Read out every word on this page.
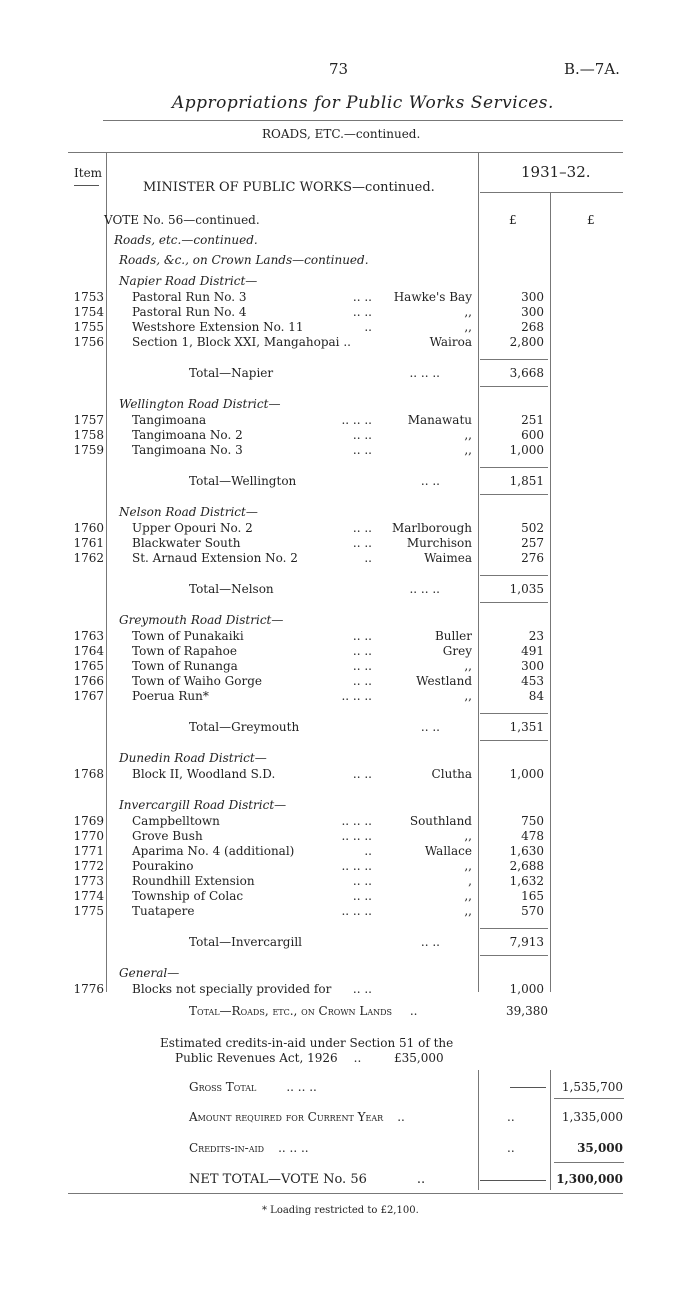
73	B.—7A.
Appropriations for Public Works Services.
ROADS, ETC.—continued.
Item	1931–32.
MINISTER OF PUBLIC WORKS—continued.
VOTE No. 56—continued.	£	£
Roads, etc.—continued.
Roads, &c., on Crown Lands—continued.
Napier Road District—
1753 Pastoral Run No. 3	.. ..	Hawke's Bay	300
1754 Pastoral Run No. 4	.. ..	,,	300
1755 Westshore Extension No. 11	..	,,	268
1756 Section 1, Block XXI, Mangahopai ..	Wairoa	2,800
Total—Napier	.. .. ..	3,668
Wellington Road District—
1757 Tangimoana	.. .. ..	Manawatu	251
1758 Tangimoana No. 2	.. ..	,,	600
1759 Tangimoana No. 3	.. ..	,,	1,000
Total—Wellington	.. ..	1,851
Nelson Road District—
1760 Upper Opouri No. 2	.. ..	Marlborough	502
1761 Blackwater South	.. ..	Murchison	257
1762 St. Arnaud Extension No. 2	..	Waimea	276
Total—Nelson	.. .. ..	1,035
Greymouth Road District—
1763 Town of Punakaiki	.. ..	Buller	23
1764 Town of Rapahoe	.. ..	Grey	491
1765 Town of Runanga	.. ..	,,	300
1766 Town of Waiho Gorge	.. ..	Westland	453
1767 Poerua Run*	.. .. ..	,,	84
Total—Greymouth	.. ..	1,351
Dunedin Road District—
1768 Block II, Woodland S.D.	.. ..	Clutha	1,000
Invercargill Road District—
1769 Campbelltown	.. .. ..	Southland	750
1770 Grove Bush	.. .. ..	,,	478
1771 Aparima No. 4 (additional)	..	Wallace	1,630
1772 Pourakino	.. .. ..	,,	2,688
1773 Roundhill Extension	.. ..	,	1,632
1774 Township of Colac	.. ..	,,	165
1775 Tuatapere	.. .. ..	,,	570
Total—Invercargill	.. ..	7,913
General—
1776 Blocks not specially provided for	.. ..	1,000
Total—Roads, etc., on Crown Lands ..	39,380
Estimated credits-in-aid under Section 51 of the
Public Revenues Act, 1926 ..	£35,000
Gross Total	.. .. ..	1,535,700
Amount required for Current Year ..	..	1,335,000
Credits-in-aid .. .. ..	..	35,000
NET TOTAL—VOTE No. 56	..	1,300,000
* Loading restricted to £2,100.
